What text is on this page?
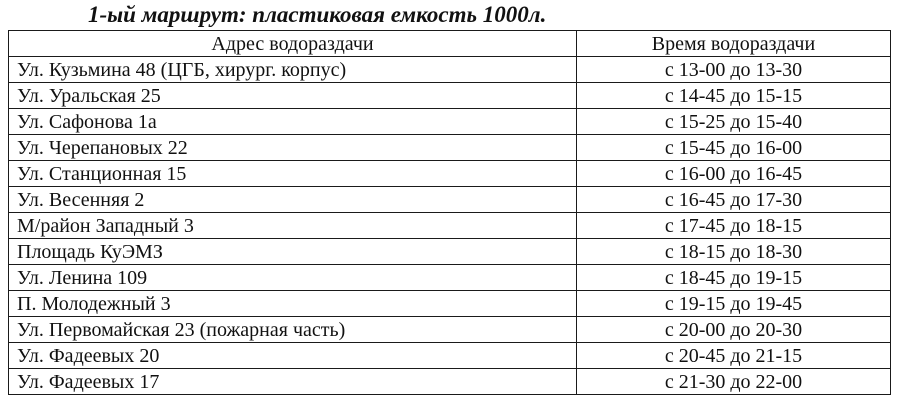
1-ый маршрут: пластиковая емкость 1000л.
Адрес водораздачи	Время водораздачи
Ул. Кузьмина 48 (ЦГБ, хирург. корпус)	с 13-00 до 13-30
Ул. Уральская 25	с 14-45 до 15-15
Ул. Сафонова 1а	с 15-25 до 15-40
Ул. Черепановых 22	с 15-45 до 16-00
Ул. Станционная 15	с 16-00 до 16-45
Ул. Весенняя 2	с 16-45 до 17-30
М/район Западный 3	с 17-45 до 18-15
Площадь КуЭМЗ	с 18-15 до 18-30
Ул. Ленина 109	с 18-45 до 19-15
П. Молодежный 3	с 19-15 до 19-45
Ул. Первомайская 23 (пожарная часть)	с 20-00 до 20-30
Ул. Фадеевых 20	с 20-45 до 21-15
Ул. Фадеевых 17	с 21-30 до 22-00
